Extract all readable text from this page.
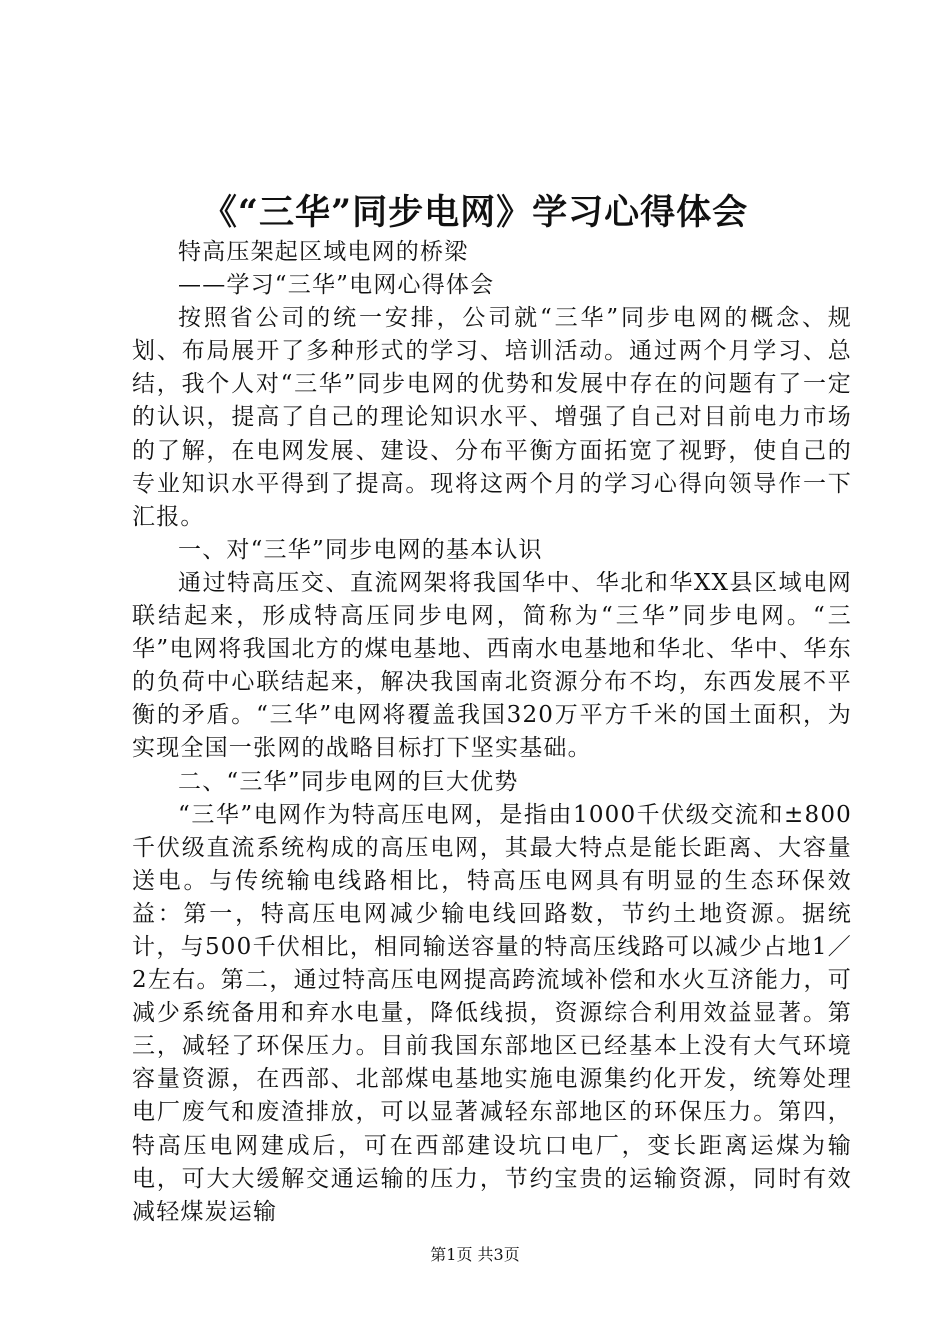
《“三华”同步电网》学习心得体会

特高压架起区域电网的桥梁

——学习“三华”电网心得体会

按照省公司的统一安排，公司就“三华”同步电网的概念、规划、布局展开了多种形式的学习、培训活动。通过两个月学习、总结，我个人对“三华”同步电网的优势和发展中存在的问题有了一定的认识，提高了自己的理论知识水平、增强了自己对目前电力市场的了解，在电网发展、建设、分布平衡方面拓宽了视野，使自己的专业知识水平得到了提高。现将这两个月的学习心得向领导作一下汇报。

一、对“三华”同步电网的基本认识

通过特高压交、直流网架将我国华中、华北和华XX县区域电网联结起来，形成特高压同步电网，简称为“三华”同步电网。“三华”电网将我国北方的煤电基地、西南水电基地和华北、华中、华东的负荷中心联结起来，解决我国南北资源分布不均，东西发展不平衡的矛盾。“三华”电网将覆盖我国320万平方千米的国土面积，为实现全国一张网的战略目标打下坚实基础。

二、“三华”同步电网的巨大优势

“三华”电网作为特高压电网，是指由1000千伏级交流和±800千伏级直流系统构成的高压电网，其最大特点是能长距离、大容量送电。与传统输电线路相比，特高压电网具有明显的生态环保效益：第一，特高压电网减少输电线回路数，节约土地资源。据统计，与500千伏相比，相同输送容量的特高压线路可以减少占地1／2左右。第二，通过特高压电网提高跨流域补偿和水火互济能力，可减少系统备用和弃水电量，降低线损，资源综合利用效益显著。第三，减轻了环保压力。目前我国东部地区已经基本上没有大气环境容量资源，在西部、北部煤电基地实施电源集约化开发，统筹处理电厂废气和废渣排放，可以显著减轻东部地区的环保压力。第四，特高压电网建成后，可在西部建设坑口电厂，变长距离运煤为输电，可大大缓解交通运输的压力，节约宝贵的运输资源，同时有效减轻煤炭运输

第1页 共3页
